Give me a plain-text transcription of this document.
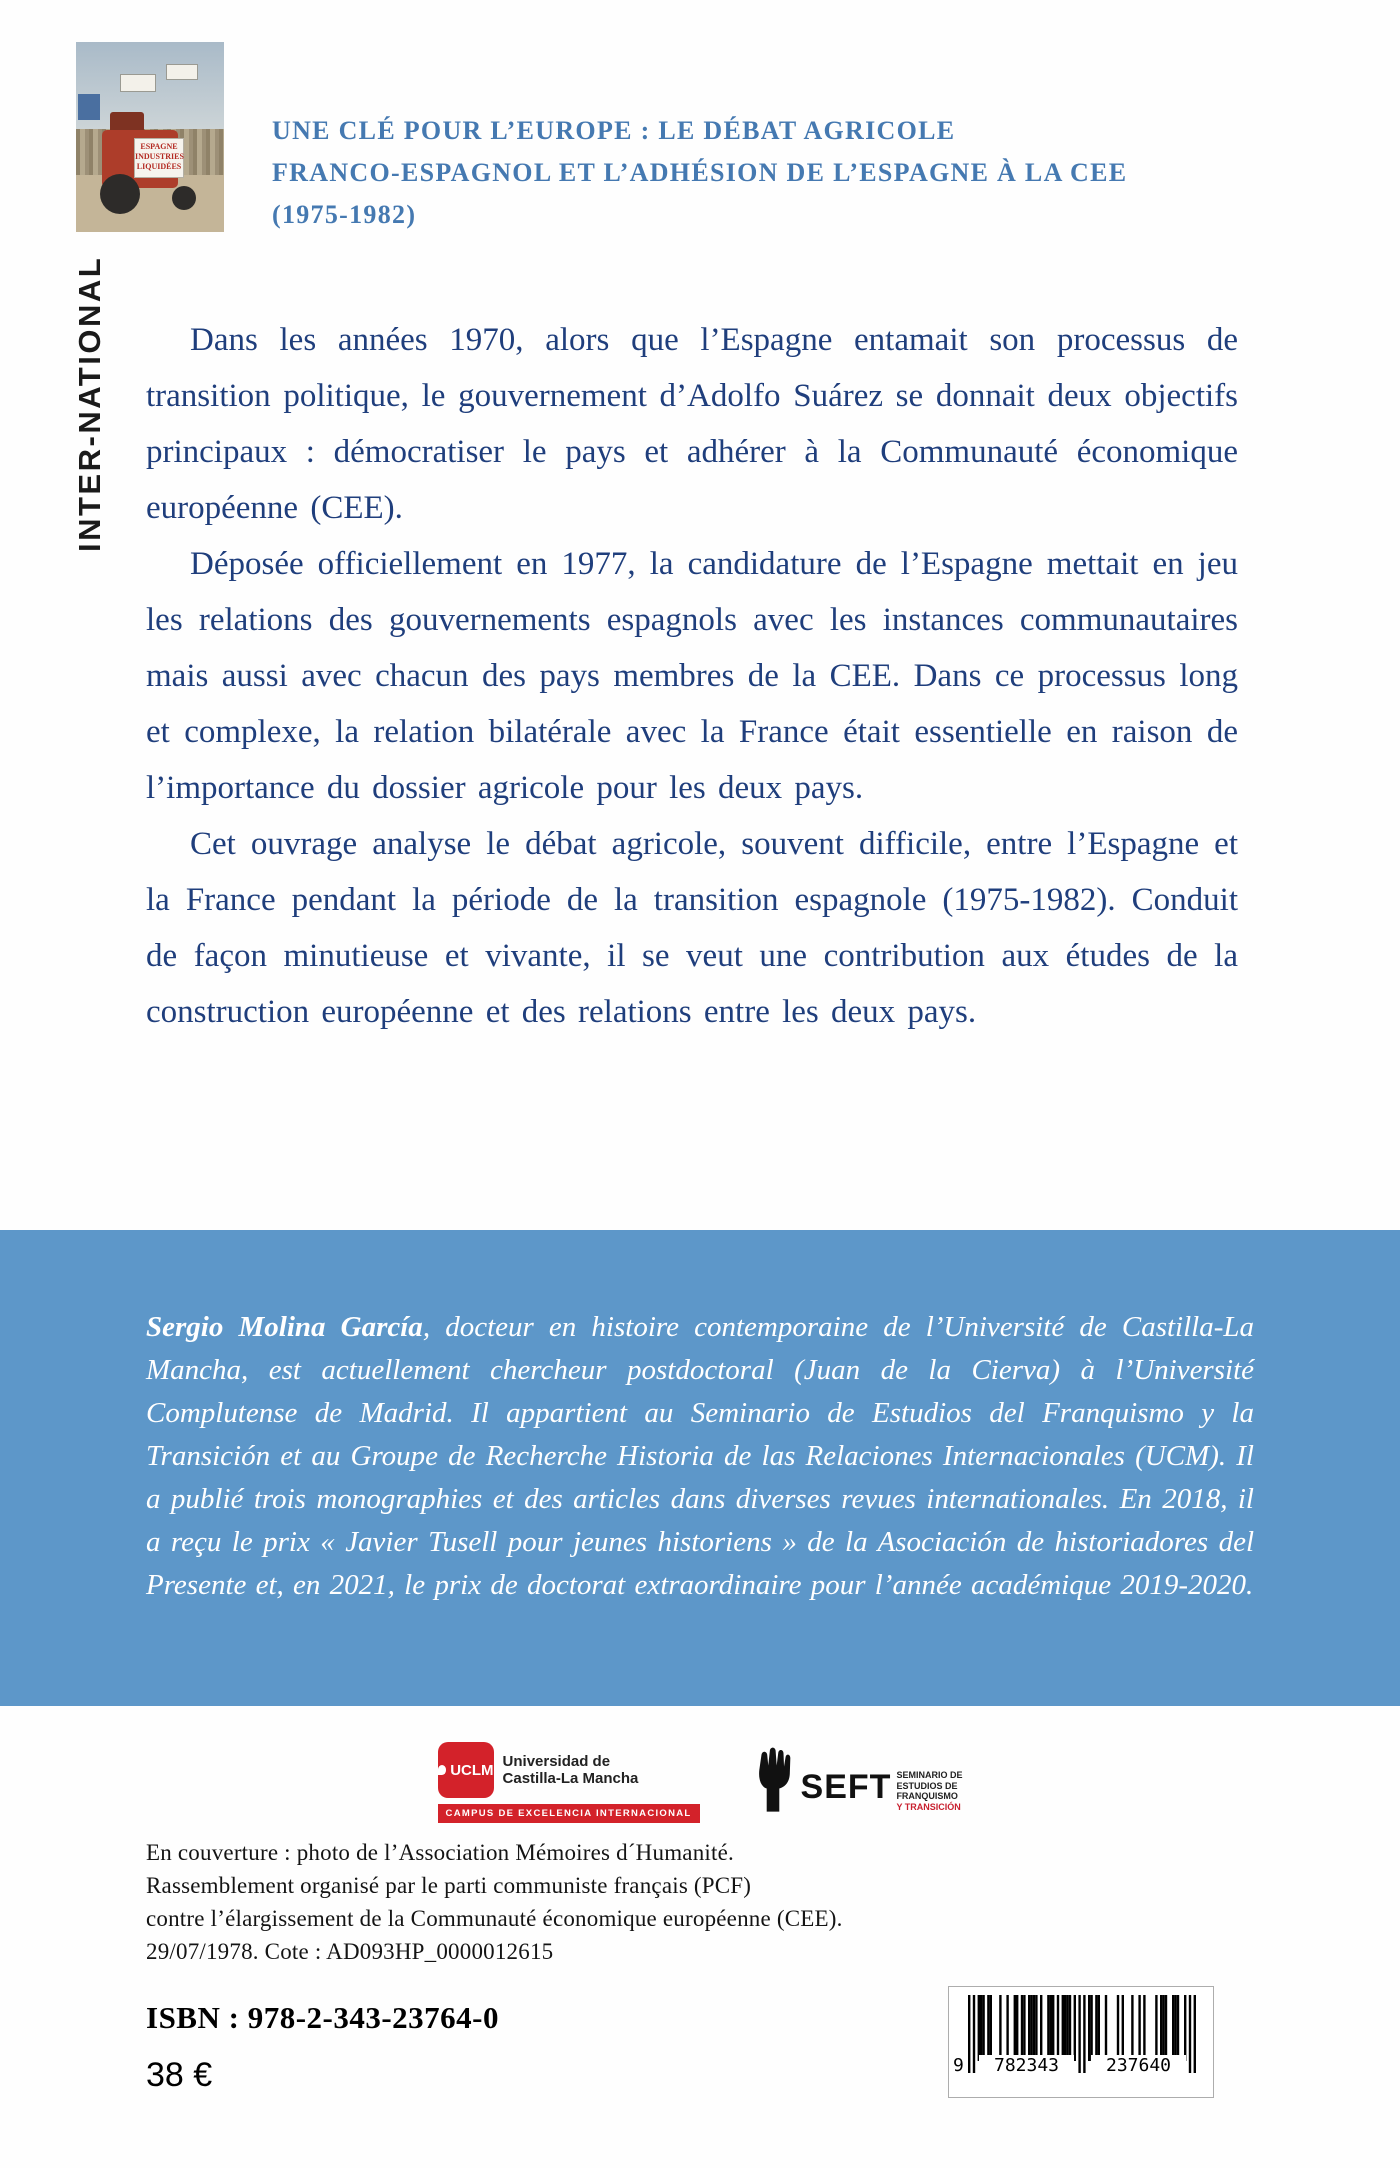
ESPAGNE
INDUSTRIES
LIQUIDÉES
UNE CLÉ POUR L’EUROPE : LE DÉBAT AGRICOLE
FRANCO-ESPAGNOL ET L’ADHÉSION DE L’ESPAGNE À LA CEE
(1975-1982)
INTER-NATIONAL	Dans les années 1970, alors que l’Espagne entamait son processus de transition politique, le gouvernement d’Adolfo Suárez se donnait deux objectifs principaux : démocratiser le pays et adhérer à la Communauté économique européenne (CEE).

Déposée officiellement en 1977, la candidature de l’Espagne mettait en jeu les relations des gouvernements espagnols avec les instances communautaires mais aussi avec chacun des pays membres de la CEE. Dans ce processus long et complexe, la relation bilatérale avec la France était essentielle en raison de l’importance du dossier agricole pour les deux pays.

Cet ouvrage analyse le débat agricole, souvent difficile, entre l’Espagne et la France pendant la période de la transition espagnole (1975-1982). Conduit de façon minutieuse et vivante, il se veut une contribution aux études de la construction européenne et des relations entre les deux pays.

Sergio Molina García, docteur en histoire contemporaine de l’Université de Castilla-La Mancha, est actuellement chercheur postdoctoral (Juan de la Cierva) à l’Université Complutense de Madrid. Il appartient au Seminario de Estudios del Franquismo y la Transición et au Groupe de Recherche Historia de las Relaciones Internacionales (UCM). Il a publié trois monographies et des articles dans diverses revues internationales. En 2018, il a reçu le prix « Javier Tusell pour jeunes historiens » de la Asociación de historiadores del Presente et, en 2021, le prix de doctorat extraordinaire pour l’année académique 2019-2020.

UCLM Universidad de
Castilla-La Mancha
CAMPUS DE EXCELENCIA INTERNACIONAL
SEFT SEMINARIO DE
ESTUDIOS DE
FRANQUISMO
Y TRANSICIÓN
En couverture : photo de l’Association Mémoires d´Humanité.
Rassemblement organisé par le parti communiste français (PCF)
contre l’élargissement de la Communauté économique européenne (CEE).
29/07/1978. Cote : AD093HP_0000012615
ISBN : 978-2-343-23764-0
38 €	9	782343	237640
